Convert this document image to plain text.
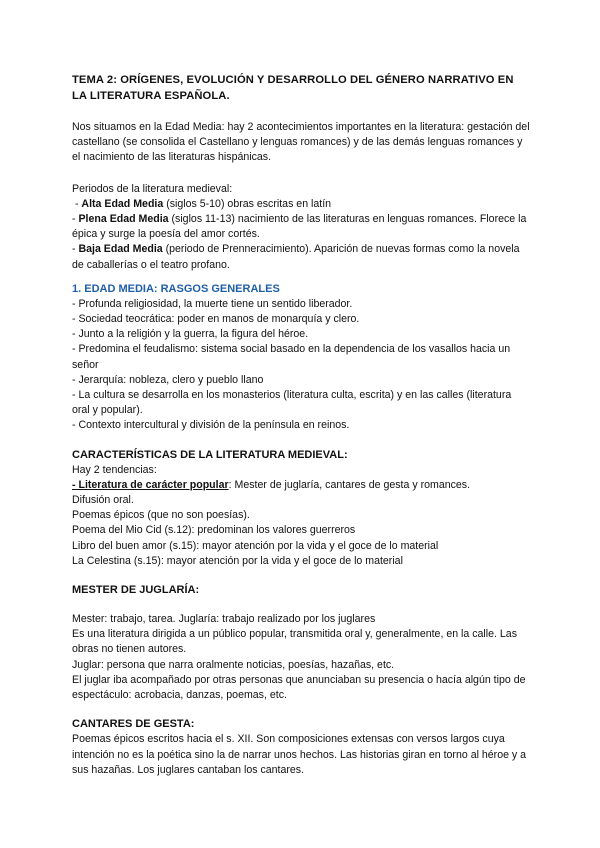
TEMA 2: ORÍGENES, EVOLUCIÓN Y DESARROLLO DEL GÉNERO NARRATIVO EN LA LITERATURA ESPAÑOLA.

Nos situamos en la Edad Media: hay 2 acontecimientos importantes en la literatura: gestación del castellano (se consolida el Castellano y lenguas romances) y de las demás lenguas romances y el nacimiento de las literaturas hispánicas.

Periodos de la literatura medieval:

- Alta Edad Media (siglos 5-10) obras escritas en latín

- Plena Edad Media (siglos 11-13) nacimiento de las literaturas en lenguas romances. Florece la épica y surge la poesía del amor cortés.

- Baja Edad Media (periodo de Prenneracimiento). Aparición de nuevas formas como la novela de caballerías o el teatro profano.

1. EDAD MEDIA: RASGOS GENERALES

- Profunda religiosidad, la muerte tiene un sentido liberador.

- Sociedad teocrática: poder en manos de monarquía y clero.

- Junto a la religión y la guerra, la figura del héroe.

- Predomina el feudalismo: sistema social basado en la dependencia de los vasallos hacia un señor

- Jerarquía: nobleza, clero y pueblo llano

- La cultura se desarrolla en los monasterios (literatura culta, escrita) y en las calles (literatura oral y popular).

- Contexto intercultural y división de la península en reinos.

CARACTERÍSTICAS DE LA LITERATURA MEDIEVAL:

Hay 2 tendencias:

- Literatura de carácter popular: Mester de juglaría, cantares de gesta y romances.

Difusión oral.

Poemas épicos (que no son poesías).

Poema del Mio Cid (s.12): predominan los valores guerreros

Libro del buen amor (s.15): mayor atención por la vida y el goce de lo material

La Celestina (s.15): mayor atención por la vida y el goce de lo material

MESTER DE JUGLARÍA:

Mester: trabajo, tarea. Juglaría: trabajo realizado por los juglares

Es una literatura dirigida a un público popular, transmitida oral y, generalmente, en la calle. Las obras no tienen autores.

Juglar: persona que narra oralmente noticias, poesías, hazañas, etc.

El juglar iba acompañado por otras personas que anunciaban su presencia o hacía algún tipo de espectáculo: acrobacia, danzas, poemas, etc.

CANTARES DE GESTA:

Poemas épicos escritos hacia el s. XII. Son composiciones extensas con versos largos cuya intención no es la poética sino la de narrar unos hechos. Las historias giran en torno al héroe y a sus hazañas. Los juglares cantaban los cantares.
